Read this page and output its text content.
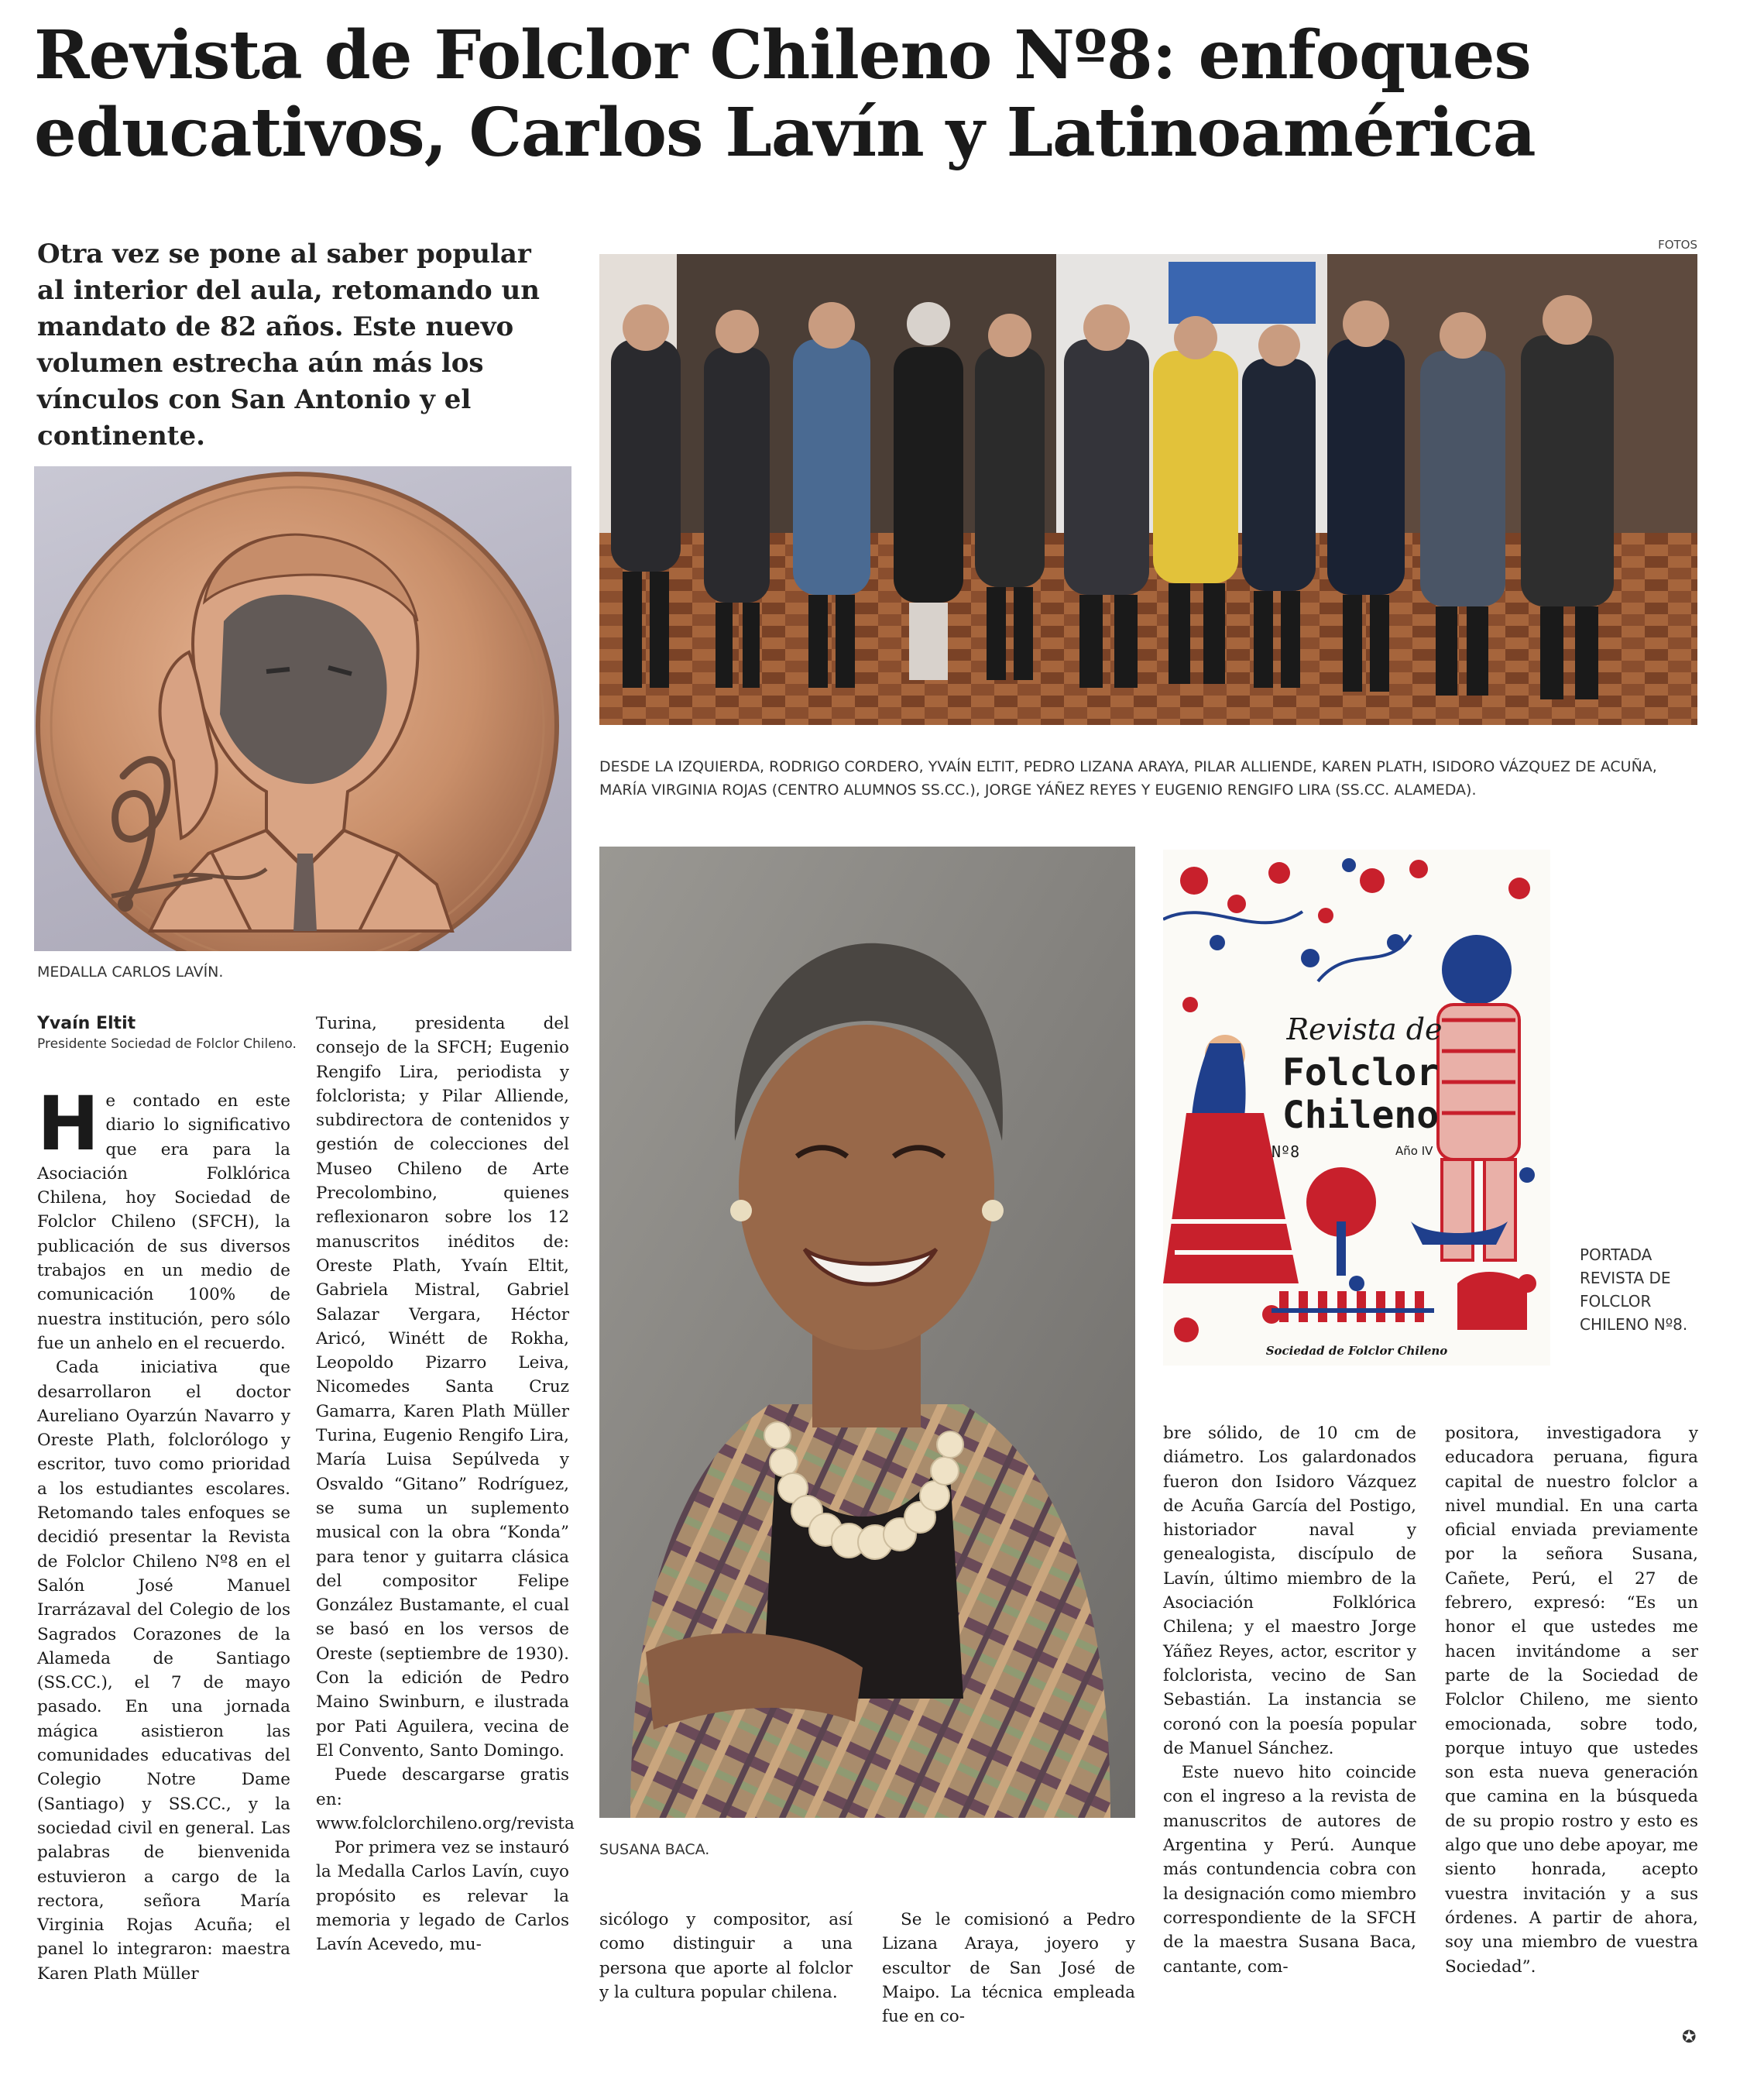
Revista de Folclor Chileno Nº8: enfoques
educativos, Carlos Lavín y Latinoamérica

Otra vez se pone al saber popular al interior del aula, retomando un mandato de 82 años. Este nuevo volumen estrecha aún más los vínculos con San Antonio y el continente.

FOTOS
MEDALLA CARLOS LAVÍN.
DESDE LA IZQUIERDA, RODRIGO CORDERO, YVAÍN ELTIT, PEDRO LIZANA ARAYA, PILAR ALLIENDE, KAREN PLATH, ISIDORO VÁZQUEZ DE ACUÑA, MARÍA VIRGINIA ROJAS (CENTRO ALUMNOS SS.CC.), JORGE YÁÑEZ REYES Y EUGENIO RENGIFO LIRA (SS.CC. ALAMEDA).
SUSANA BACA.
Revista de
Folclor
Chileno
Nº8	Año IV
Sociedad de Folclor Chileno
PORTADA REVISTA DE FOLCLOR CHILENO Nº8.
Yvaín Eltit
Presidente Sociedad de Folclor Chileno.

He contado en este diario lo significativo que era para la Asociación Folklórica Chilena, hoy Sociedad de Folclor Chileno (SFCH), la publicación de sus diversos trabajos en un medio de comunicación 100% de nuestra institución, pero sólo fue un anhelo en el recuerdo.

Cada iniciativa que desarrollaron el doctor Aureliano Oyarzún Navarro y Oreste Plath, folclorólogo y escritor, tuvo como prioridad a los estudiantes escolares. Retomando tales enfoques se decidió presentar la Revista de Folclor Chileno Nº8 en el Salón José Manuel Irarrázaval del Colegio de los Sagrados Corazones de la Alameda de Santiago (SS.CC.), el 7 de mayo pasado. En una jornada mágica asistieron las comunidades educativas del Colegio Notre Dame (Santiago) y SS.CC., y la sociedad civil en general. Las palabras de bienvenida estuvieron a cargo de la rectora, señora María Virginia Rojas Acuña; el panel lo integraron: maestra Karen Plath Müller

Turina, presidenta del consejo de la SFCH; Eugenio Rengifo Lira, periodista y folclorista; y Pilar Alliende, subdirectora de contenidos y gestión de colecciones del Museo Chileno de Arte Precolombino, quienes reflexionaron sobre los 12 manuscritos inéditos de: Oreste Plath, Yvaín Eltit, Gabriela Mistral, Gabriel Salazar Vergara, Héctor Aricó, Winétt de Rokha, Leopoldo Pizarro Leiva, Nicomedes Santa Cruz Gamarra, Karen Plath Müller Turina, Eugenio Rengifo Lira, María Luisa Sepúlveda y Osvaldo “Gitano” Rodríguez, se suma un suplemento musical con la obra “Konda” para tenor y guitarra clásica del compositor Felipe González Bustamante, el cual se basó en los versos de Oreste (septiembre de 1930). Con la edición de Pedro Maino Swinburn, e ilustrada por Pati Aguilera, vecina de El Convento, Santo Domingo.

Puede descargarse gratis en: www.folclorchileno.org/revista

Por primera vez se instauró la Medalla Carlos Lavín, cuyo propósito es relevar la memoria y legado de Carlos Lavín Acevedo, mu-

sicólogo y compositor, así como distinguir a una persona que aporte al folclor y la cultura popular chilena.

Se le comisionó a Pedro Lizana Araya, joyero y escultor de San José de Maipo. La técnica empleada fue en co-

bre sólido, de 10 cm de diámetro. Los galardonados fueron don Isidoro Vázquez de Acuña García del Postigo, historiador naval y genealogista, discípulo de Lavín, último miembro de la Asociación Folklórica Chilena; y el maestro Jorge Yáñez Reyes, actor, escritor y folclorista, vecino de San Sebastián. La instancia se coronó con la poesía popular de Manuel Sánchez.

Este nuevo hito coincide con el ingreso a la revista de manuscritos de autores de Argentina y Perú. Aunque más contundencia cobra con la designación como miembro correspondiente de la SFCH de la maestra Susana Baca, cantante, com-

positora, investigadora y educadora peruana, figura capital de nuestro folclor a nivel mundial. En una carta oficial enviada previamente por la señora Susana, Cañete, Perú, el 27 de febrero, expresó: “Es un honor el que ustedes me hacen invitándome a ser parte de la Sociedad de Folclor Chileno, me siento emocionada, sobre todo, porque intuyo que ustedes son esta nueva generación que camina en la búsqueda de su propio rostro y esto es algo que uno debe apoyar, me siento honrada, acepto vuestra invitación y a sus órdenes. A partir de ahora, soy una miembro de vuestra Sociedad”.

✪
